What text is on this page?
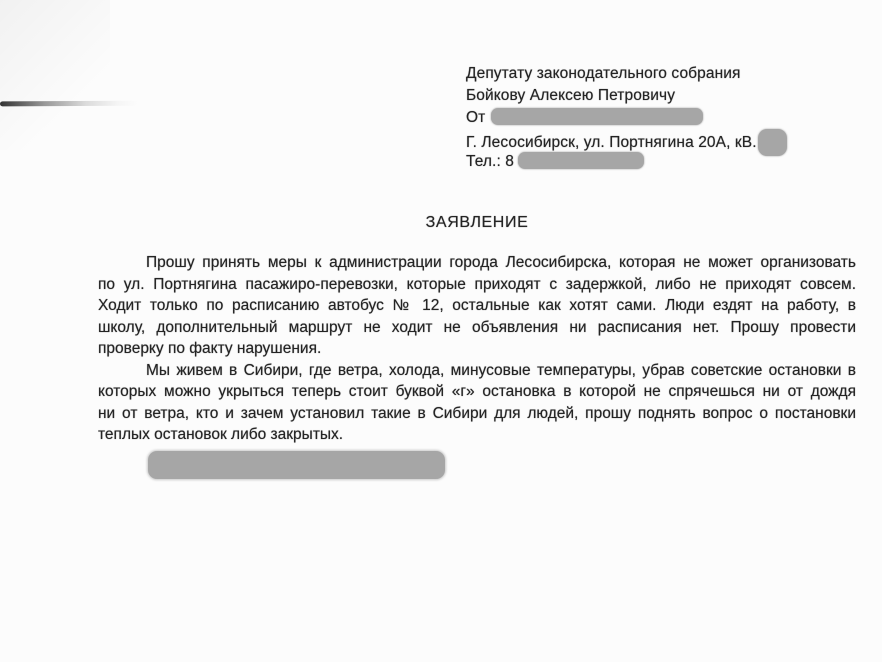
Депутату законодательного собрания
Бойкову Алексею Петровичу
От
Г. Лесосибирск, ул. Портнягина 20А, кВ.
Тел.: 8
ЗАЯВЛЕНИЕ
Прошу принять меры к администрации города Лесосибирска, которая не может организовать
по ул. Портнягина пасажиро-перевозки, которые приходят с задержкой, либо не приходят совсем.
Ходит только по расписанию автобус № 12, остальные как хотят сами. Люди ездят на работу, в
школу, дополнительный маршрут не ходит не объявления ни расписания нет. Прошу провести
проверку по факту нарушения.
Мы живем в Сибири, где ветра, холода, минусовые температуры, убрав советские остановки в
которых можно укрыться теперь стоит буквой «г» остановка в которой не спрячешься ни от дождя
ни от ветра, кто и зачем установил такие в Сибири для людей, прошу поднять вопрос о постановки
теплых остановок либо закрытых.
